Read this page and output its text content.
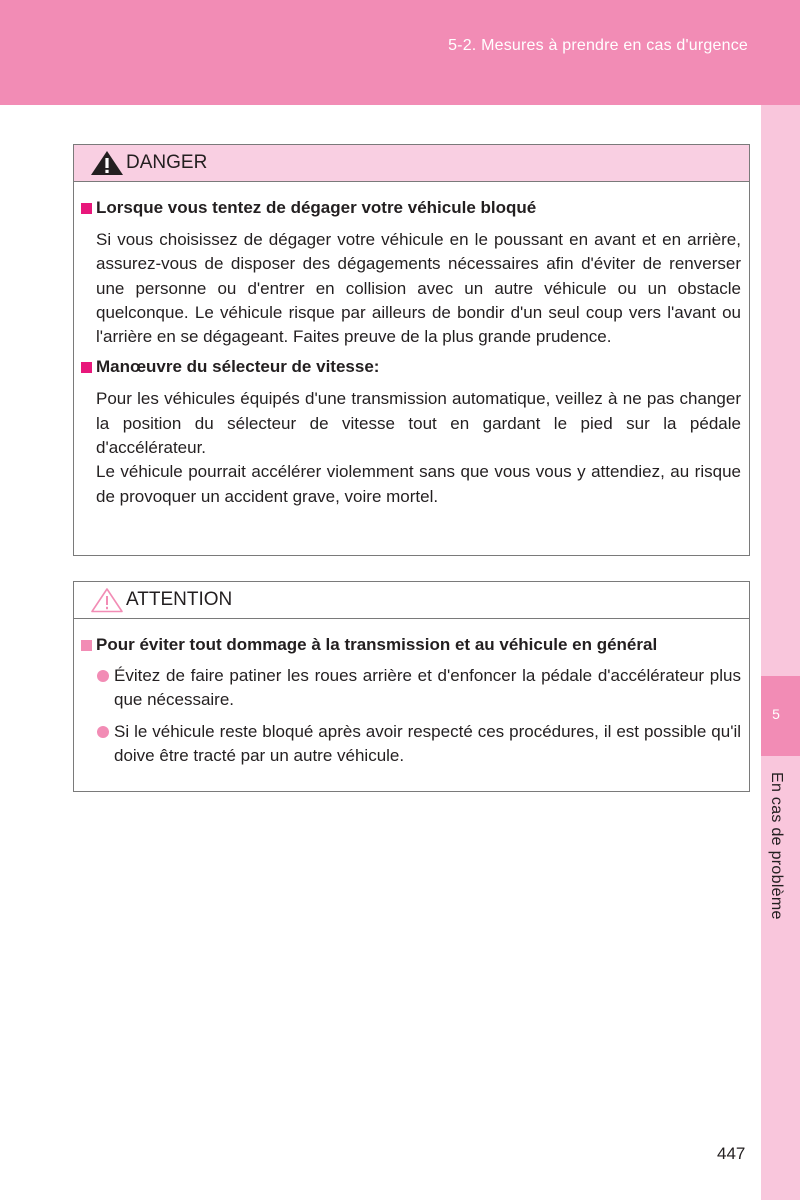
5-2. Mesures à prendre en cas d'urgence
5
En cas de problème
DANGER
Lorsque vous tentez de dégager votre véhicule bloqué
Si vous choisissez de dégager votre véhicule en le poussant en avant et en arrière, assurez-vous de disposer des dégagements nécessaires afin d'éviter de renverser une personne ou d'entrer en collision avec un autre véhicule ou un obstacle quelconque. Le véhicule risque par ailleurs de bondir d'un seul coup vers l'avant ou l'arrière en se dégageant. Faites preuve de la plus grande prudence.
Manœuvre du sélecteur de vitesse:
Pour les véhicules équipés d'une transmission automatique, veillez à ne pas changer la position du sélecteur de vitesse tout en gardant le pied sur la pédale d'accélérateur.
Le véhicule pourrait accélérer violemment sans que vous vous y attendiez, au risque de provoquer un accident grave, voire mortel.
ATTENTION
Pour éviter tout dommage à la transmission et au véhicule en général
Évitez de faire patiner les roues arrière et d'enfoncer la pédale d'accélérateur plus que nécessaire.
Si le véhicule reste bloqué après avoir respecté ces procédures, il est possible qu'il doive être tracté par un autre véhicule.
447
